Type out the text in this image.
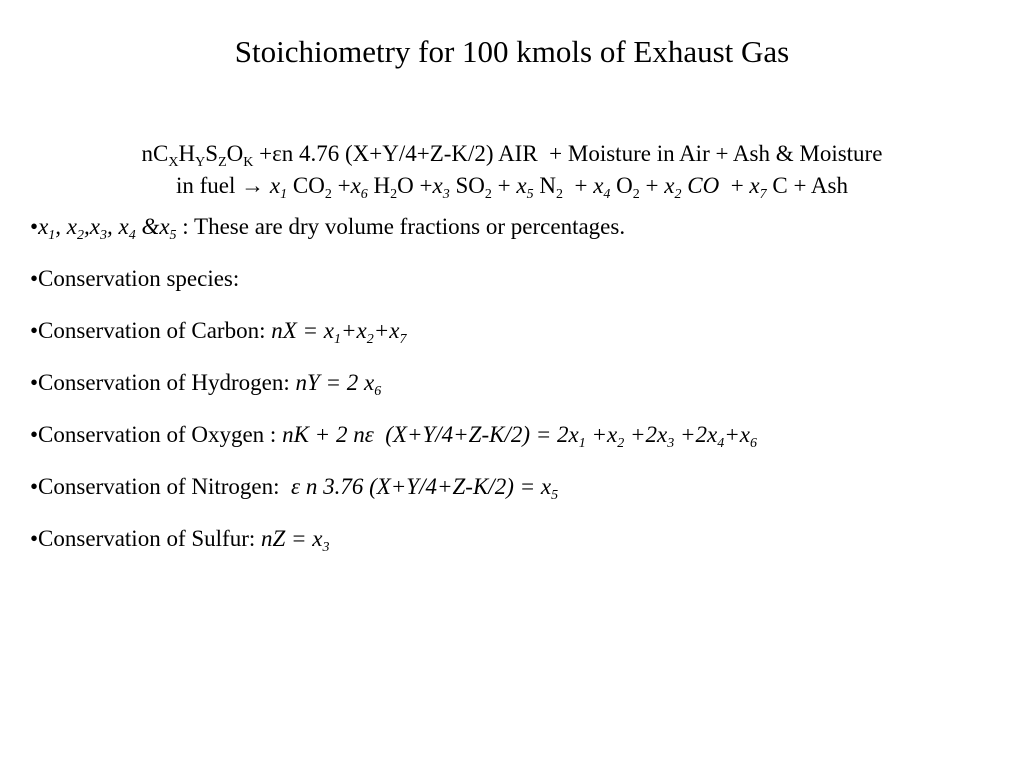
Stoichiometry for 100 kmols of Exhaust Gas
$nC_XH_YS_ZO_K +\varepsilon n$ 4.76 (X+Y/4+Z-K/2) AIR  + Moisture in Air + Ash & Moisture
in fuel → $x_1$ $CO_2 +x_6$ $H_2O +x_3$ $SO_2 + x_5$ $N_2 + x_4$ $O_2 + x_2$ CO  + $x_7$ C + Ash
$•x_1$, $x_2,x_3$, $x_4$ $\&x_5$ : These are dry volume fractions or percentages.
•Conservation species:
•Conservation of Carbon: nX = $x_1+x_2+x_7$
•Conservation of Hydrogen: nY = 2 $x_6$
•Conservation of Oxygen : nK + 2 nε  $(X+Y/4+Z-K/2) = 2x_1 +x_2 +2x_3 +2x_4+x_6$
•Conservation of Nitrogen:  ε n 3.76 $(X+Y/4+Z-K/2) = x_5$
•Conservation of Sulfur: nZ = $x_3$
